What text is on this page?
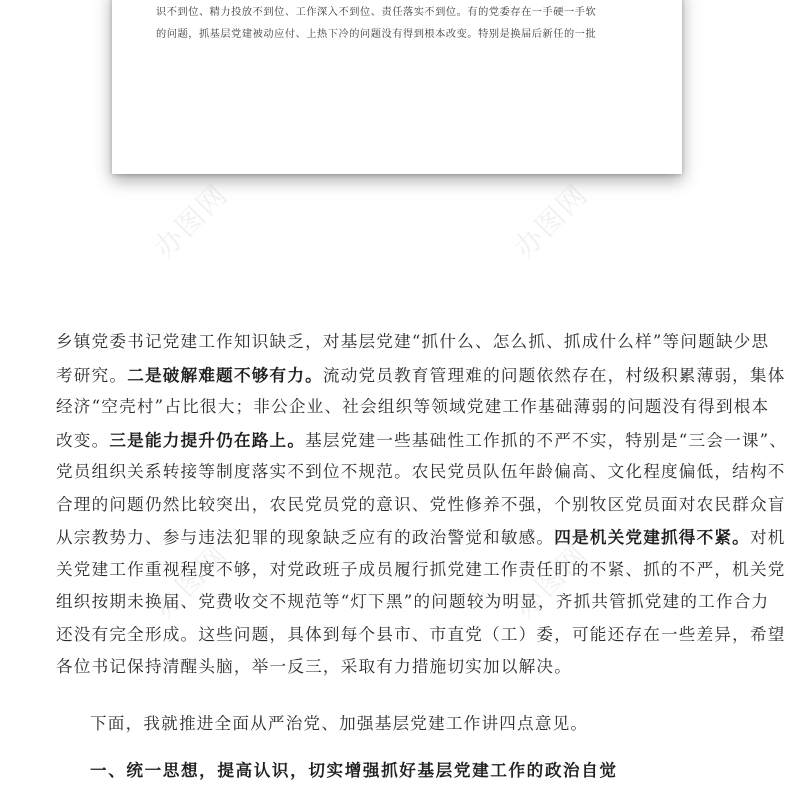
识不到位、精力投放不到位、工作深入不到位、责任落实不到位。有的党委存在一手硬一手软
的问题，抓基层党建被动应付、上热下冷的问题没有得到根本改变。特别是换届后新任的一批
办图网	办图网
办图网	办图网
乡镇党委书记党建工作知识缺乏，对基层党建“抓什么、怎么抓、抓成什么样”等问题缺少思
考研究。二是破解难题不够有力。流动党员教育管理难的问题依然存在，村级积累薄弱，集体
经济“空壳村”占比很大；非公企业、社会组织等领域党建工作基础薄弱的问题没有得到根本
改变。三是能力提升仍在路上。基层党建一些基础性工作抓的不严不实，特别是“三会一课”、
党员组织关系转接等制度落实不到位不规范。农民党员队伍年龄偏高、文化程度偏低，结构不
合理的问题仍然比较突出，农民党员党的意识、党性修养不强，个别牧区党员面对农民群众盲
从宗教势力、参与违法犯罪的现象缺乏应有的政治警觉和敏感。四是机关党建抓得不紧。对机
关党建工作重视程度不够，对党政班子成员履行抓党建工作责任盯的不紧、抓的不严，机关党
组织按期未换届、党费收交不规范等“灯下黑”的问题较为明显，齐抓共管抓党建的工作合力
还没有完全形成。这些问题，具体到每个县市、市直党（工）委，可能还存在一些差异，希望
各位书记保持清醒头脑，举一反三，采取有力措施切实加以解决。
下面，我就推进全面从严治党、加强基层党建工作讲四点意见。
一、统一思想，提高认识，切实增强抓好基层党建工作的政治自觉
